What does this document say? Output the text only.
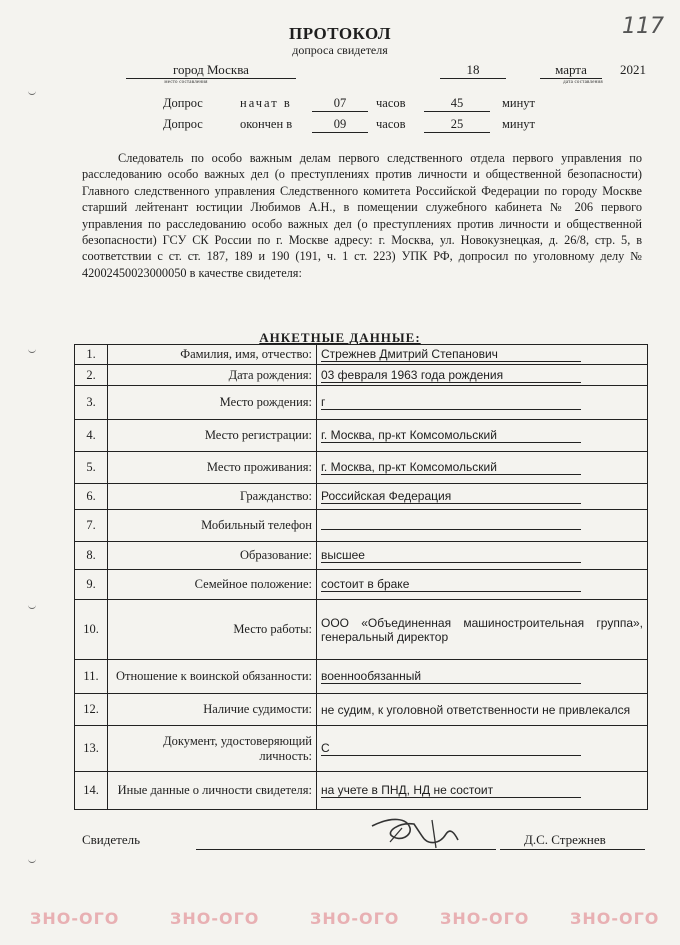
ПРОТОКОЛ
допроса свидетеля
117
город Москва
место составления
18	марта	2021
дата составления
Допрос	начат в	07	часов	45	минут
Допрос	окончен в	09	часов	25	минут
Следователь по особо важным делам первого следственного отдела первого управления по расследованию особо важных дел (о преступлениях против личности и общественной безопасности) Главного следственного управления Следственного комитета Российской Федерации по городу Москве старший лейтенант юстиции Любимов А.Н., в помещении служебного кабинета № 206 первого управления по расследованию особо важных дел (о преступлениях против личности и общественной безопасности) ГСУ СК России по г. Москве адресу: г. Москва, ул. Новокузнецкая, д. 26/8, стр. 5, в соответствии с ст. ст. 187, 189 и 190 (191, ч. 1 ст. 223) УПК РФ, допросил по уголовному делу № 42002450023000050 в качестве свидетеля:
АНКЕТНЫЕ ДАННЫЕ:
1.	Фамилия, имя, отчество:	Стрежнев Дмитрий Степанович
2.	Дата рождения:	03 февраля 1963 года рождения
3.	Место рождения:	г
4.	Место регистрации:	г. Москва, пр-кт Комсомольский
5.	Место проживания:	г. Москва, пр-кт Комсомольский
6.	Гражданство:	Российская Федерация
7.	Мобильный телефон	
8.	Образование:	высшее
9.	Семейное положение:	состоит в браке
10.	Место работы:	ООО «Объединенная машиностроительная группа», генеральный директор
11.	Отношение к воинской обязанности:	военнообязанный
12.	Наличие судимости:	не судим, к уголовной ответственности не привлекался
13.	Документ, удостоверяющий личность:	С
14.	Иные данные о личности свидетеля:	на учете в ПНД, НД не состоит
Свидетель	Д.С. Стрежнев
ЗНО-ОГО	ЗНО-ОГО	ЗНО-ОГО	ЗНО-ОГО	ЗНО-ОГО
